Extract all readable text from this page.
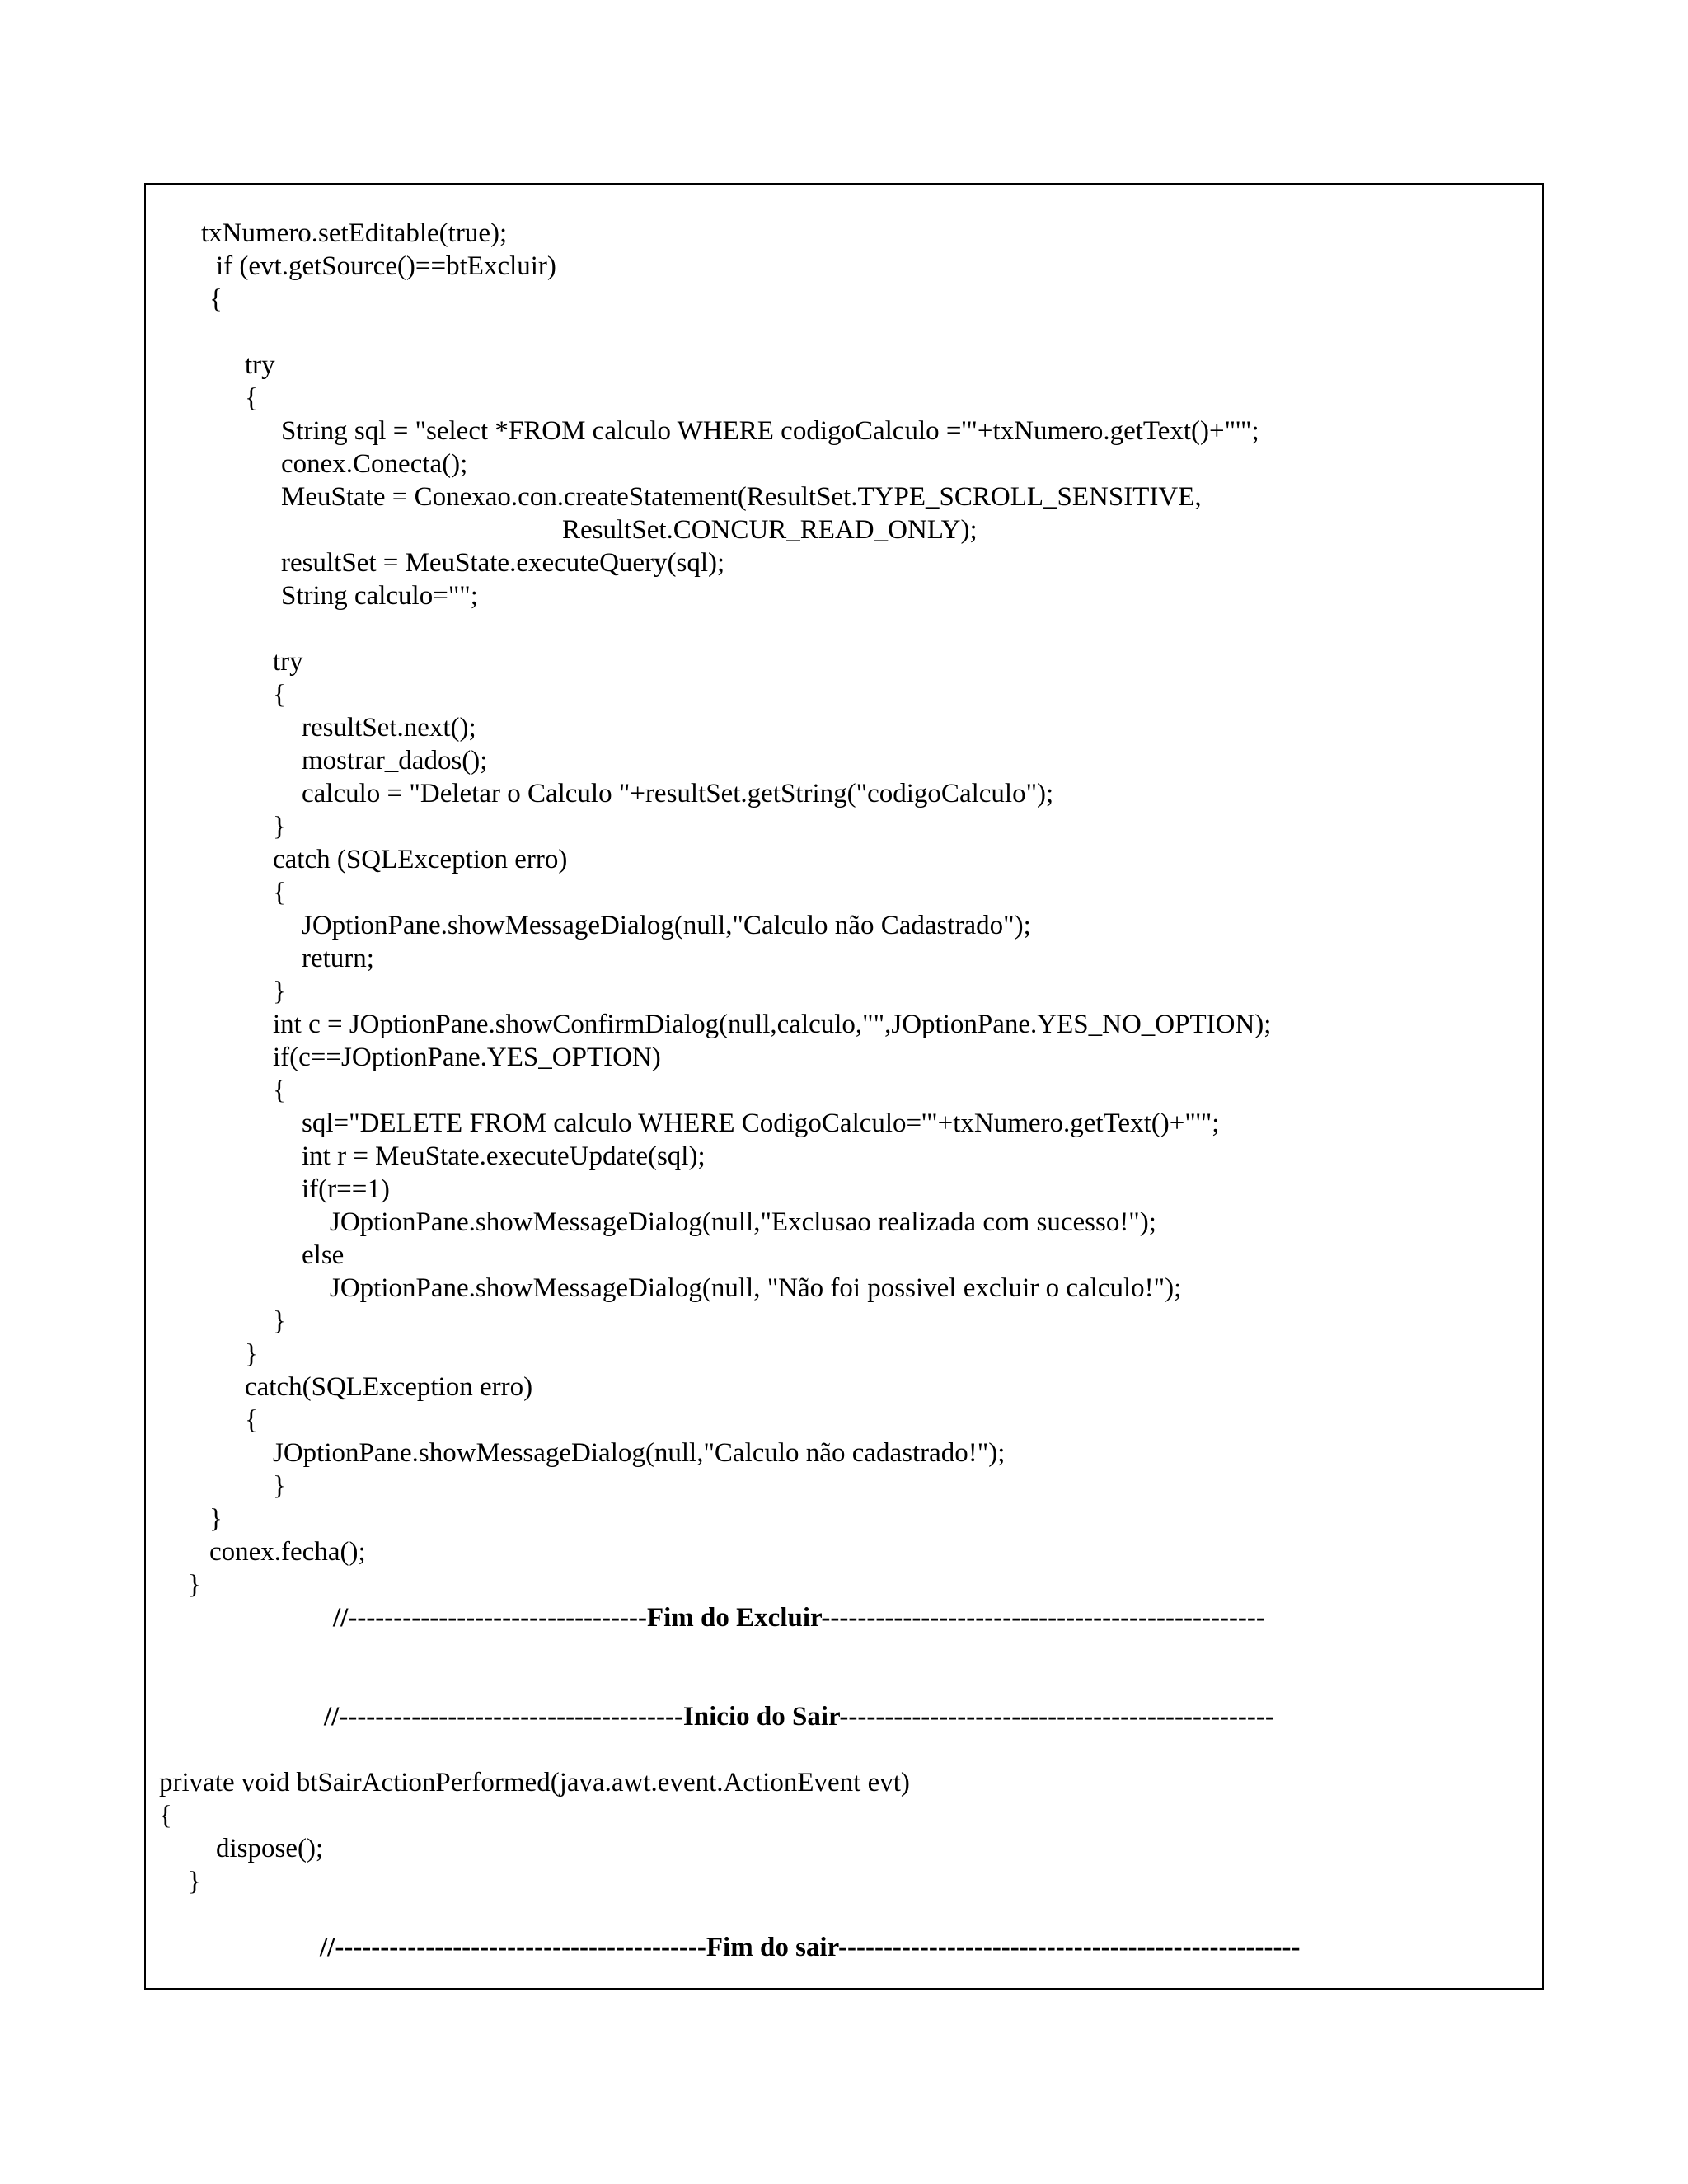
txNumero.setEditable(true);
if (evt.getSource()==btExcluir)
{
try
{
String sql = "select *FROM calculo WHERE codigoCalculo ='"+txNumero.getText()+"'";
conex.Conecta();
MeuState = Conexao.con.createStatement(ResultSet.TYPE_SCROLL_SENSITIVE,
ResultSet.CONCUR_READ_ONLY);
resultSet = MeuState.executeQuery(sql);
String calculo="";
try
{
resultSet.next();
mostrar_dados();
calculo = "Deletar o Calculo "+resultSet.getString("codigoCalculo");
}
catch (SQLException erro)
{
JOptionPane.showMessageDialog(null,"Calculo não Cadastrado");
return;
}
int c = JOptionPane.showConfirmDialog(null,calculo,"",JOptionPane.YES_NO_OPTION);
if(c==JOptionPane.YES_OPTION)
{
sql="DELETE FROM calculo WHERE CodigoCalculo='"+txNumero.getText()+"'";
int r = MeuState.executeUpdate(sql);
if(r==1)
JOptionPane.showMessageDialog(null,"Exclusao realizada com sucesso!");
else
JOptionPane.showMessageDialog(null, "Não foi possivel excluir o calculo!");
}
}
catch(SQLException erro)
{
JOptionPane.showMessageDialog(null,"Calculo não cadastrado!");
}
}
conex.fecha();
}
//---------------------------------Fim do Excluir-------------------------------------------------
//--------------------------------------Inicio do Sair------------------------------------------------
private void btSairActionPerformed(java.awt.event.ActionEvent evt)
{
dispose();
}
//-----------------------------------------Fim do sair---------------------------------------------------
